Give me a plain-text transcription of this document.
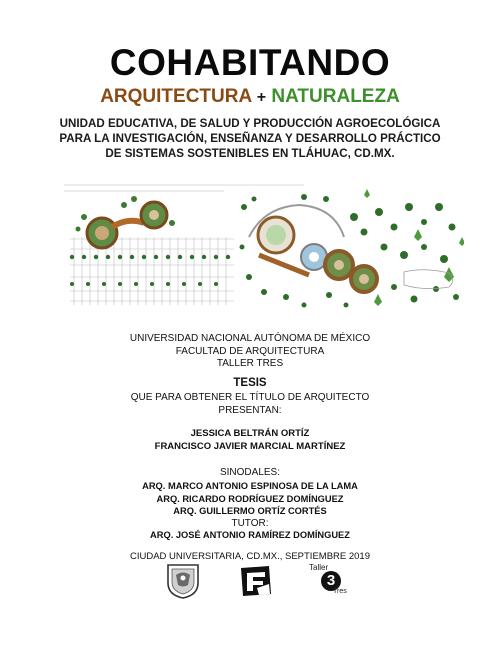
COHABITANDO
ARQUITECTURA + NATURALEZA
UNIDAD EDUCATIVA, DE SALUD Y PRODUCCIÓN AGROECOLÓGICA
PARA LA INVESTIGACIÓN, ENSEÑANZA Y DESARROLLO PRÁCTICO
DE SISTEMAS SOSTENIBLES EN TLÁHUAC, CD.MX.
UNIVERSIDAD NACIONAL AUTÓNOMA DE MÉXICO
FACULTAD DE ARQUITECTURA
TALLER TRES
TESIS
QUE PARA OBTENER EL TÍTULO DE ARQUITECTO
PRESENTAN:
JESSICA BELTRÁN ORTÍZ
FRANCISCO JAVIER MARCIAL MARTÍNEZ
SINODALES:
ARQ. MARCO ANTONIO ESPINOSA DE LA LAMA
ARQ. RICARDO RODRÍGUEZ DOMÍNGUEZ
ARQ. GUILLERMO ORTÍZ CORTÉS
TUTOR:
ARQ. JOSÉ ANTONIO RAMÍREZ DOMÍNGUEZ
CIUDAD UNIVERSITARIA, CD.MX., SEPTIEMBRE 2019
Taller
3
Tres
